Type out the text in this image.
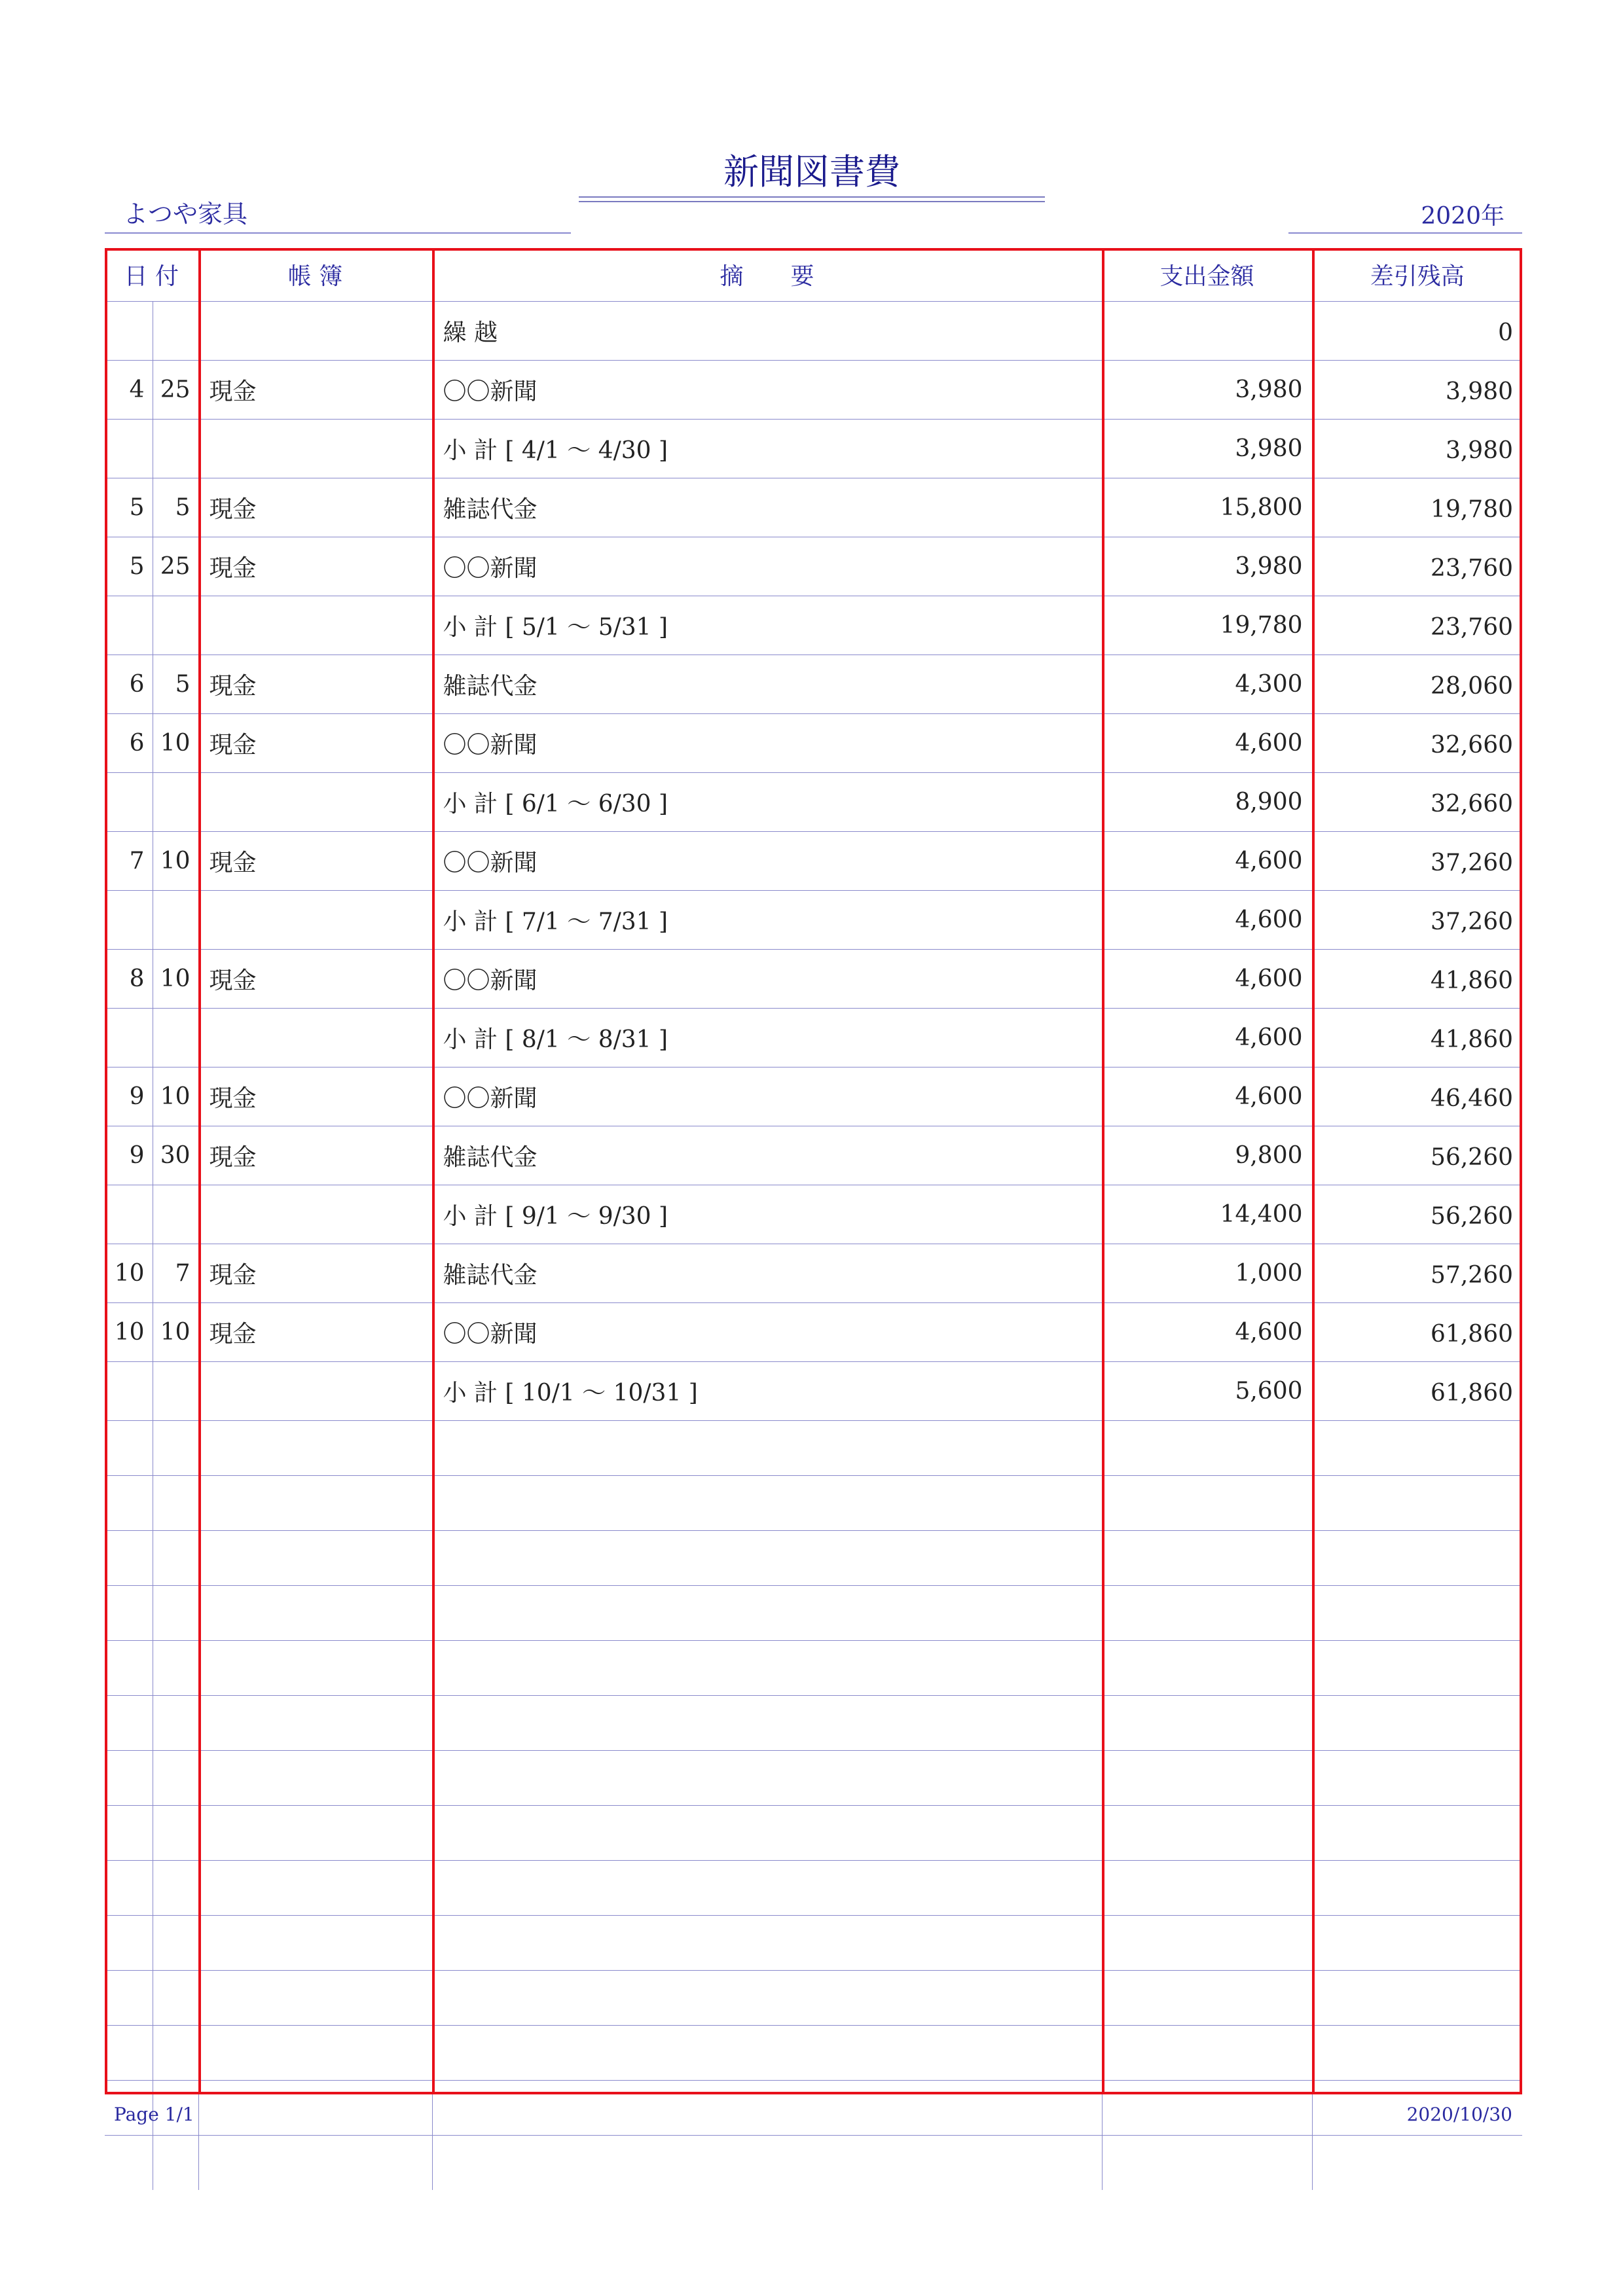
新聞図書費
よつや家具	2020年
日 付		帳 簿	摘　　要	支出金額	差引残高
			繰 越		0
4	25	現金	〇〇新聞	3,980	3,980
			小 計 [ 4/1 ～ 4/30 ]	3,980	3,980
5	5	現金	雑誌代金	15,800	19,780
5	25	現金	〇〇新聞	3,980	23,760
			小 計 [ 5/1 ～ 5/31 ]	19,780	23,760
6	5	現金	雑誌代金	4,300	28,060
6	10	現金	〇〇新聞	4,600	32,660
			小 計 [ 6/1 ～ 6/30 ]	8,900	32,660
7	10	現金	〇〇新聞	4,600	37,260
			小 計 [ 7/1 ～ 7/31 ]	4,600	37,260
8	10	現金	〇〇新聞	4,600	41,860
			小 計 [ 8/1 ～ 8/31 ]	4,600	41,860
9	10	現金	〇〇新聞	4,600	46,460
9	30	現金	雑誌代金	9,800	56,260
			小 計 [ 9/1 ～ 9/30 ]	14,400	56,260
10	7	現金	雑誌代金	1,000	57,260
10	10	現金	〇〇新聞	4,600	61,860
			小 計 [ 10/1 ～ 10/31 ]	5,600	61,860

Page 1/1	2020/10/30
